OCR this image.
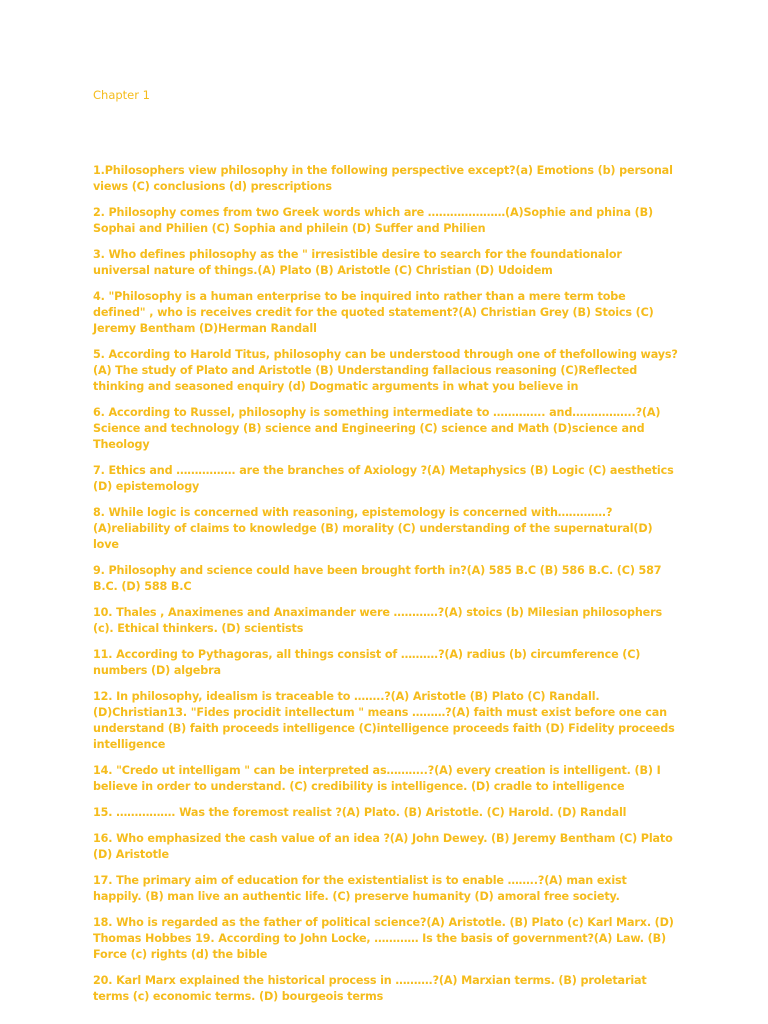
Chapter 1

1.Philosophers view philosophy in the following perspective except?(a) Emotions (b) personal views (C) conclusions (d) prescriptions

2. Philosophy comes from two Greek words which are …………………(A)Sophie and phina (B) Sophai and Philien (C) Sophia and philein (D) Suffer and Philien

3. Who defines philosophy as the " irresistible desire to search for the foundationalor universal nature of things.(A) Plato (B) Aristotle (C) Christian (D) Udoidem

4. "Philosophy is a human enterprise to be inquired into rather than a mere term tobe defined" , who is receives credit for the quoted statement?(A) Christian Grey (B) Stoics (C) Jeremy Bentham (D)Herman Randall

5. According to Harold Titus, philosophy can be understood through one of thefollowing ways?(A) The study of Plato and Aristotle (B) Understanding fallacious reasoning (C)Reflected thinking and seasoned enquiry (d) Dogmatic arguments in what you believe in

6. According to Russel, philosophy is something intermediate to ………….. and……………..?(A) Science and technology (B) science and Engineering (C) science and Math (D)science and Theology

7. Ethics and ……………. are the branches of Axiology ?(A) Metaphysics (B) Logic (C) aesthetics (D) epistemology

8. While logic is concerned with reasoning, epistemology is concerned with………….?(A)reliability of claims to knowledge (B) morality (C) understanding of the supernatural(D) love

9. Philosophy and science could have been brought forth in?(A) 585 B.C (B) 586 B.C. (C) 587 B.C. (D) 588 B.C

10. Thales , Anaximenes and Anaximander were …………?(A) stoics (b) Milesian philosophers (c). Ethical thinkers. (D) scientists

11. According to Pythagoras, all things consist of ……….?(A) radius (b) circumference (C) numbers (D) algebra

12. In philosophy, idealism is traceable to ……..?(A) Aristotle (B) Plato (C) Randall. (D)Christian13. "Fides procidit intellectum " means ………?(A) faith must exist before one can understand (B) faith proceeds intelligence (C)intelligence proceeds faith (D) Fidelity proceeds intelligence

14. "Credo ut intelligam " can be interpreted as………..?(A) every creation is intelligent. (B) I believe in order to understand. (C) credibility is intelligence. (D) cradle to intelligence

15. ……………. Was the foremost realist ?(A) Plato. (B) Aristotle. (C) Harold. (D) Randall

16. Who emphasized the cash value of an idea ?(A) John Dewey. (B) Jeremy Bentham (C) Plato (D) Aristotle

17. The primary aim of education for the existentialist is to enable ……..?(A) man exist happily. (B) man live an authentic life. (C) preserve humanity (D) amoral free society.

18. Who is regarded as the father of political science?(A) Aristotle. (B) Plato (c) Karl Marx. (D) Thomas Hobbes 19. According to John Locke, ………… Is the basis of government?(A) Law. (B) Force (c) rights (d) the bible

20. Karl Marx explained the historical process in ……….?(A) Marxian terms. (B) proletariat terms (c) economic terms. (D) bourgeois terms
